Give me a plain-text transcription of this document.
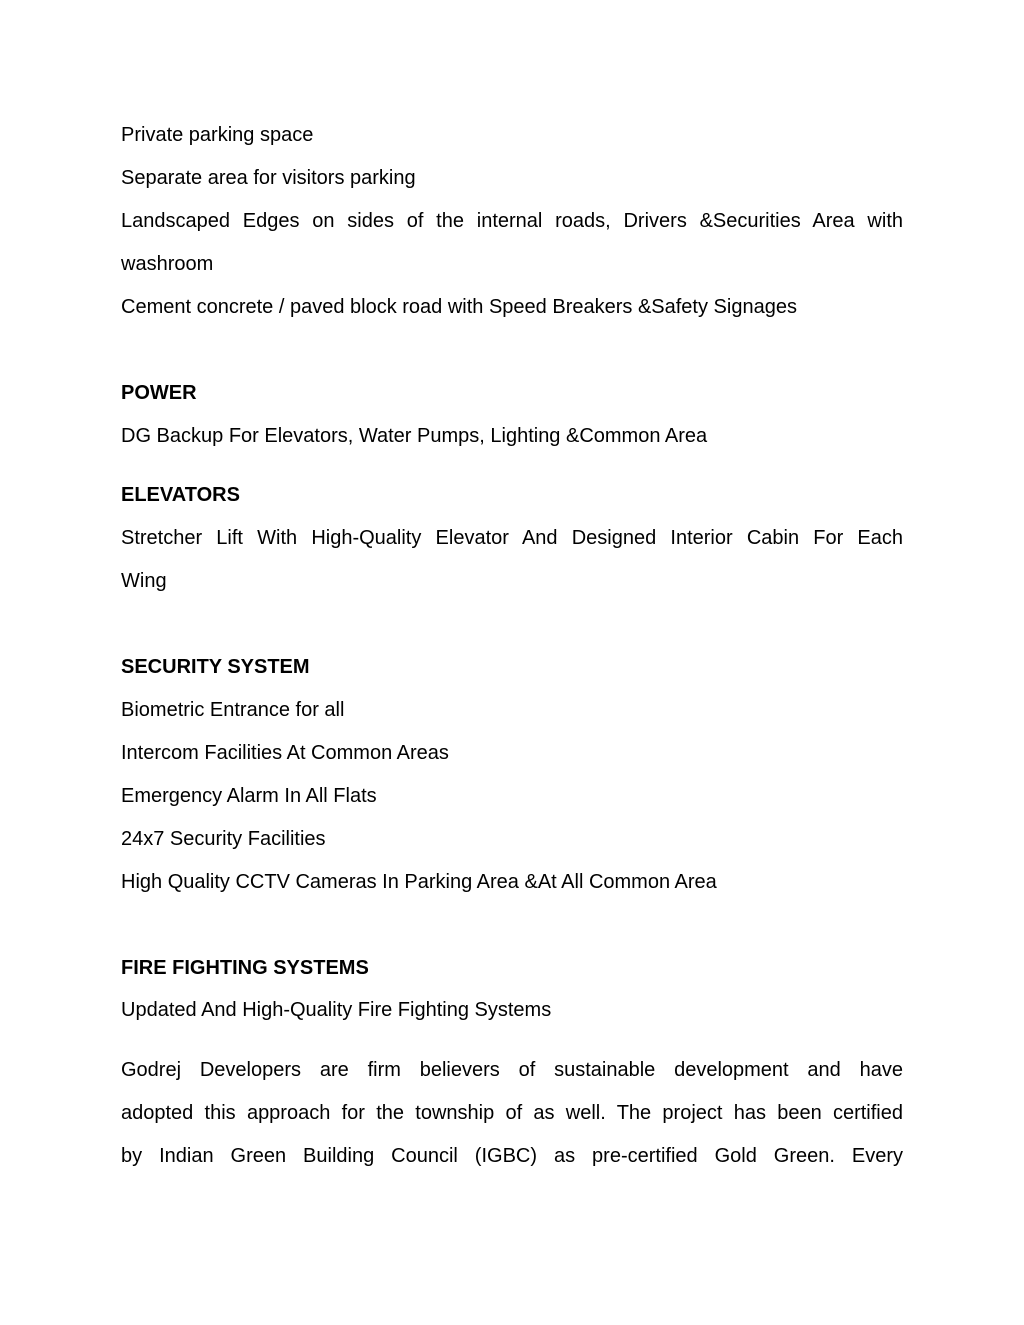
Private parking space
Separate area for visitors parking
Landscaped Edges on sides of the internal roads, Drivers &Securities Area with
washroom
Cement concrete / paved block road with Speed Breakers &Safety Signages
POWER
DG Backup For Elevators, Water Pumps, Lighting &Common Area
ELEVATORS
Stretcher Lift With High-Quality Elevator And Designed Interior Cabin For Each
Wing
SECURITY SYSTEM
Biometric Entrance for all
Intercom Facilities At Common Areas
Emergency Alarm In All Flats
24x7 Security Facilities
High Quality CCTV Cameras In Parking Area &At All Common Area
FIRE FIGHTING SYSTEMS
Updated And High-Quality Fire Fighting Systems
Godrej Developers are firm believers of sustainable development and have
adopted this approach for the township of as well. The project has been certified
by Indian Green Building Council (IGBC) as pre-certified Gold Green. Every
